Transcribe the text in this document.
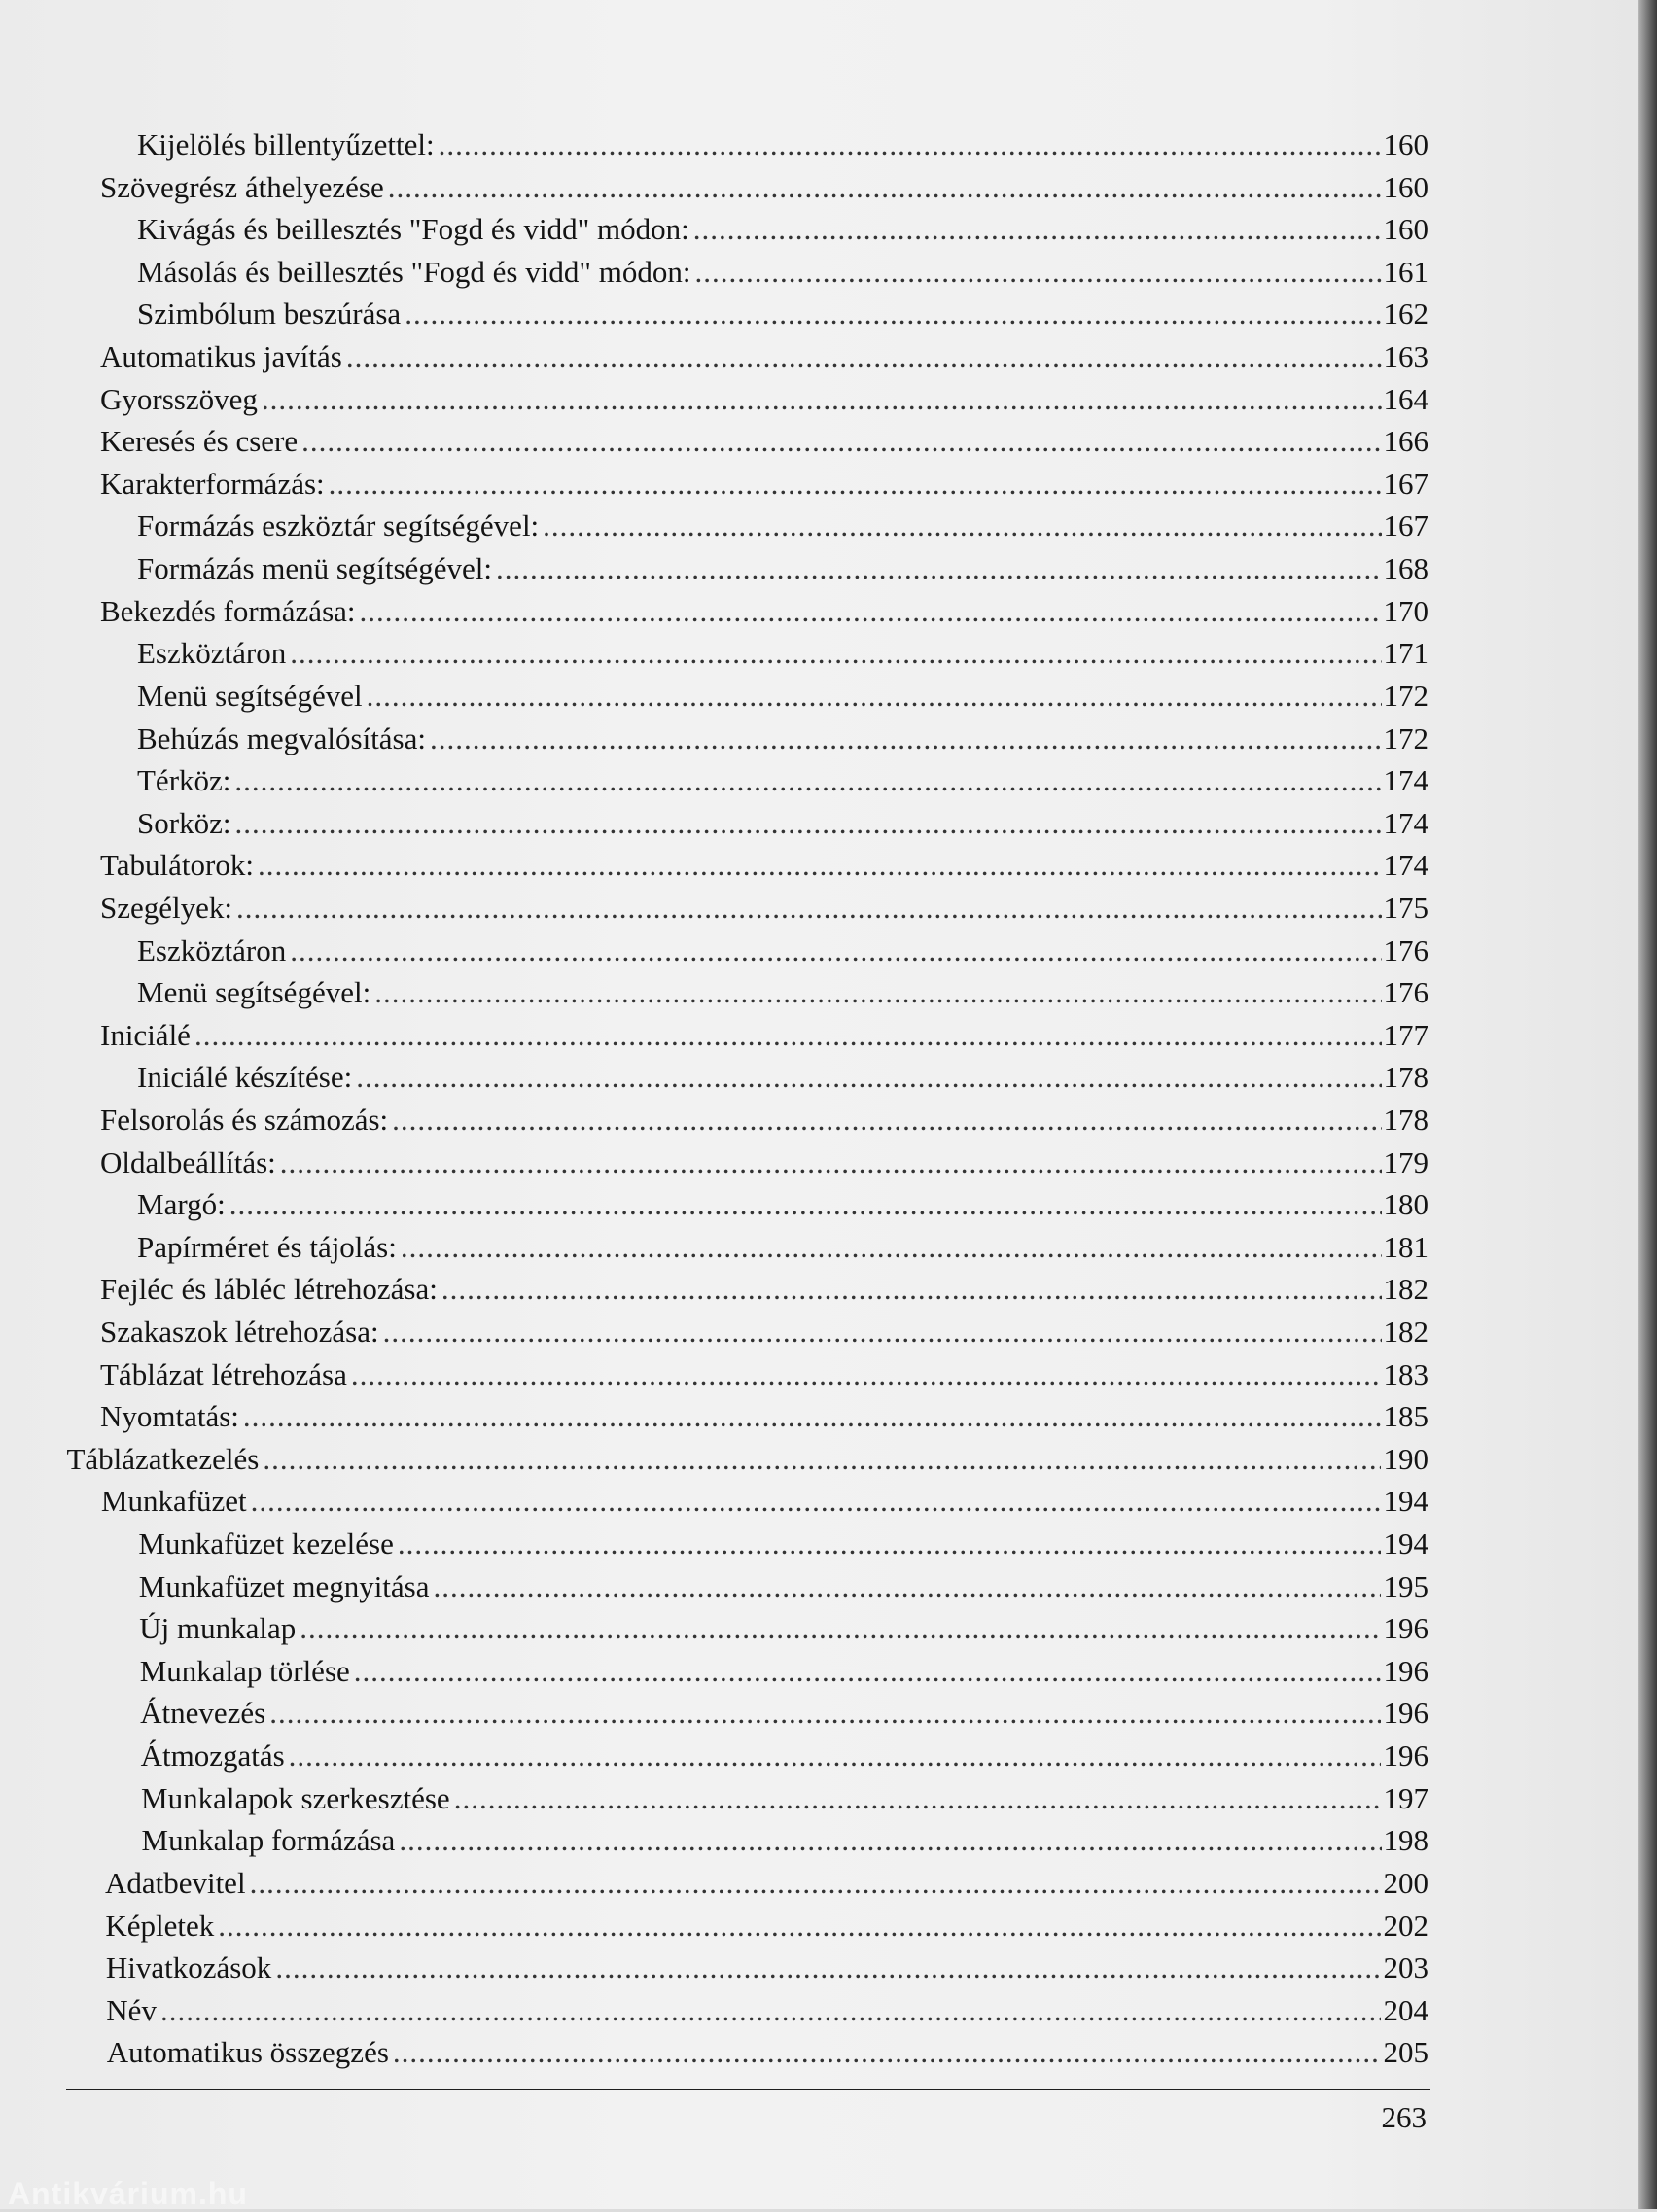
Kijelölés billentyűzettel: .....	160
Szövegrész áthelyezése .....	160
Kivágás és beillesztés "Fogd és vidd" módon: .....	160
Másolás és beillesztés "Fogd és vidd" módon: .....	161
Szimbólum beszúrása .....	162
Automatikus javítás .....	163
Gyorsszöveg .....	164
Keresés és csere .....	166
Karakterformázás: .....	167
Formázás eszköztár segítségével: .....	167
Formázás menü segítségével: .....	168
Bekezdés formázása: .....	170
Eszköztáron .....	171
Menü segítségével .....	172
Behúzás megvalósítása: .....	172
Térköz: .....	174
Sorköz: .....	174
Tabulátorok: .....	174
Szegélyek: .....	175
Eszköztáron .....	176
Menü segítségével: .....	176
Iniciálé .....	177
Iniciálé készítése: .....	178
Felsorolás és számozás: .....	178
Oldalbeállítás: .....	179
Margó: .....	180
Papírméret és tájolás: .....	181
Fejléc és lábléc létrehozása: .....	182
Szakaszok létrehozása: .....	182
Táblázat létrehozása .....	183
Nyomtatás: .....	185
Táblázatkezelés .....	190
Munkafüzet .....	194
Munkafüzet kezelése .....	194
Munkafüzet megnyitása .....	195
Új munkalap .....	196
Munkalap törlése .....	196
Átnevezés .....	196
Átmozgatás .....	196
Munkalapok szerkesztése .....	197
Munkalap formázása .....	198
Adatbevitel .....	200
Képletek .....	202
Hivatkozások .....	203
Név .....	204
Automatikus összegzés .....	205
263
Antikvárium.hu
